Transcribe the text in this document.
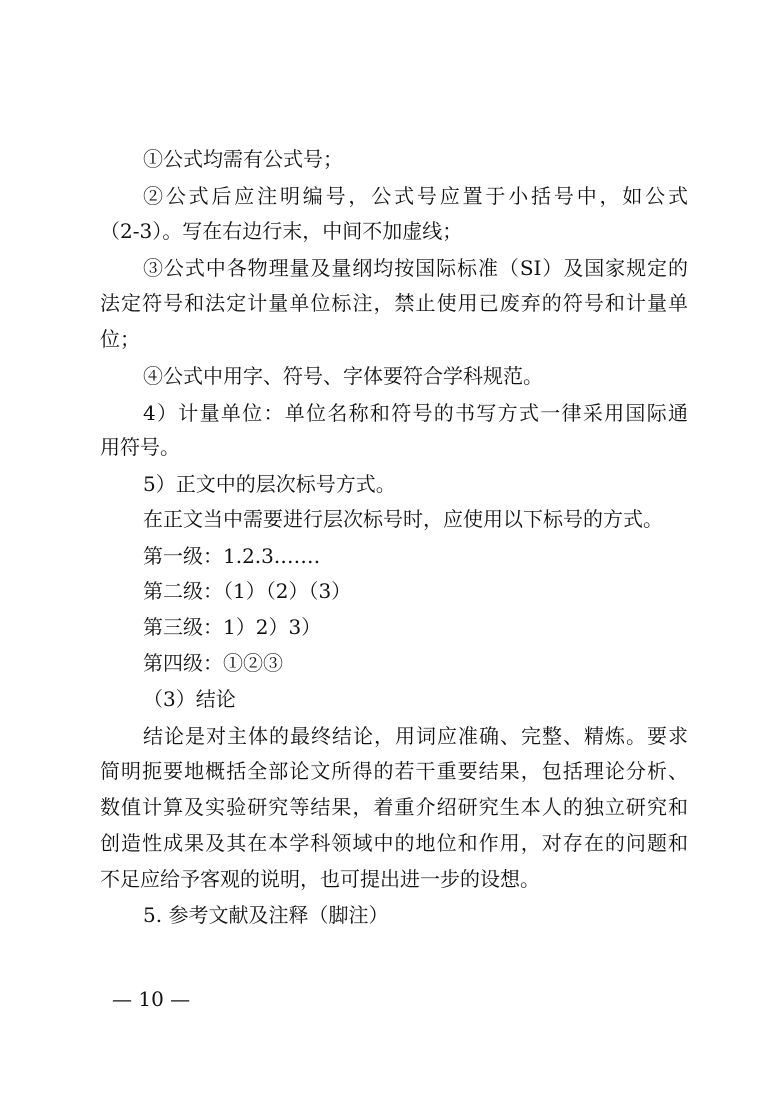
①公式均需有公式号；
②公式后应注明编号，公式号应置于小括号中，如公式
（2-3）。写在右边行末，中间不加虚线；
③公式中各物理量及量纲均按国际标准（SI）及国家规定的
法定符号和法定计量单位标注，禁止使用已废弃的符号和计量单
位；
④公式中用字、符号、字体要符合学科规范。
4）计量单位：单位名称和符号的书写方式一律采用国际通
用符号。
5）正文中的层次标号方式。
在正文当中需要进行层次标号时，应使用以下标号的方式。
第一级：1.2.3.……
第二级：（1）（2）（3）
第三级：1）2）3）
第四级：①②③
（3）结论
结论是对主体的最终结论，用词应准确、完整、精炼。要求
简明扼要地概括全部论文所得的若干重要结果，包括理论分析、
数值计算及实验研究等结果，着重介绍研究生本人的独立研究和
创造性成果及其在本学科领域中的地位和作用，对存在的问题和
不足应给予客观的说明，也可提出进一步的设想。
5. 参考文献及注释（脚注）
— 10 —
